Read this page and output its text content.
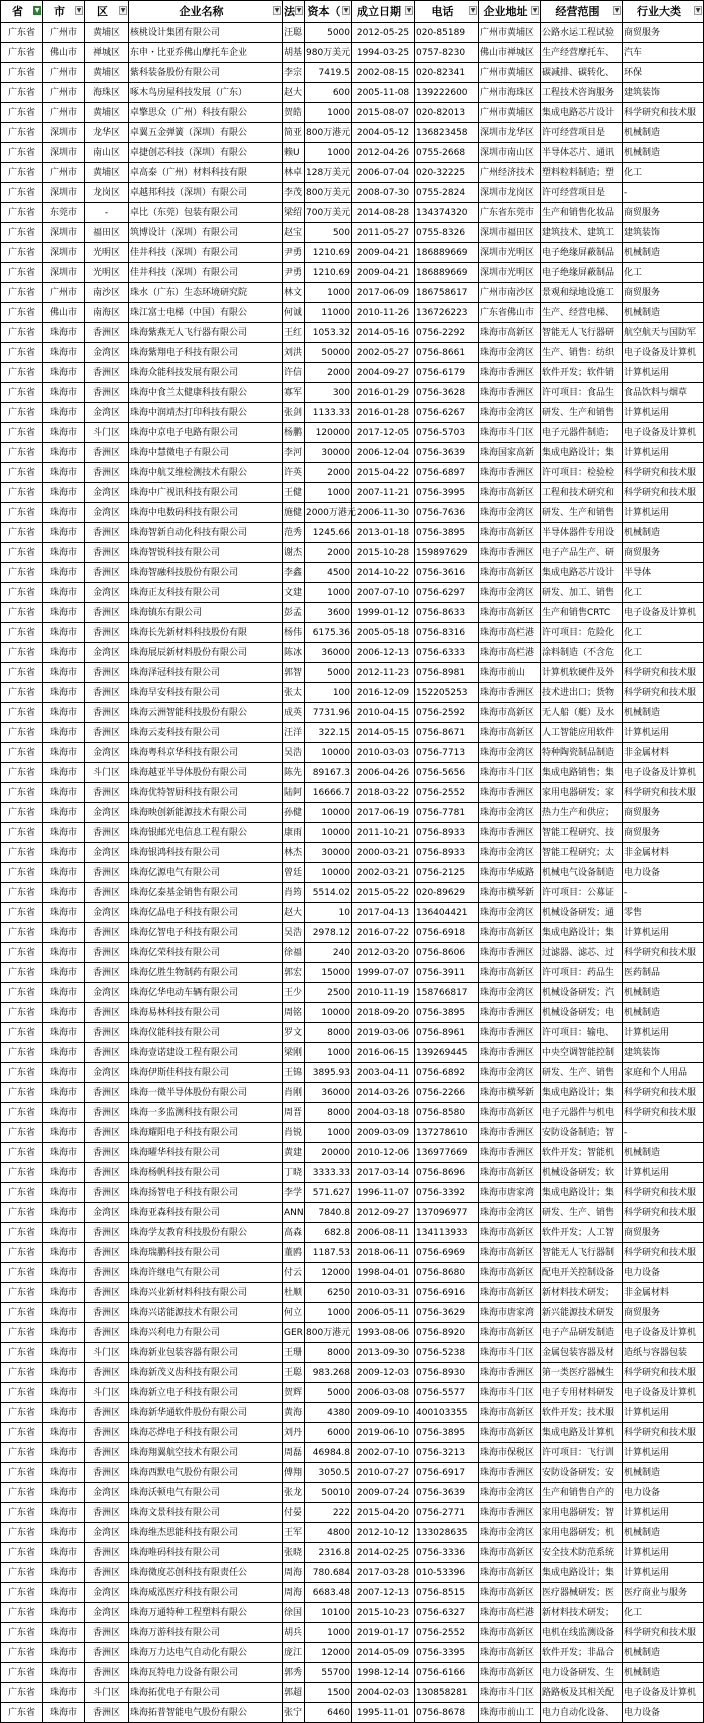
省 ▼	市 ▼	区 ▼	企业名称 ▼	法 ▼	资本（ ▼	成立日期 ▼	电话 ▼	企业地址 ▼	经营范围 ▼	行业大类 ▼

广东省	广州市	黄埔区	核桃设计集团有限公司	汪聪	5000	2012-05-25	020-85189	广州市黄埔区	公路水运工程试验	商贸服务
广东省	佛山市	禅城区	东申・比亚乔佛山摩托车企业	胡基	980万美元	1994-03-25	0757-8230	佛山市禅城区	生产经营摩托车、	汽车
广东省	广州市	黄埔区	紫科装备股份有限公司	李宗	7419.5	2002-08-15	020-82341	广州市黄埔区	碳减排、碳转化、	环保
广东省	广州市	海珠区	啄木鸟房屋科技发展（广东）	赵大	600	2005-11-08	139222600	广州市海珠区	工程技术咨询服务	建筑装饰
广东省	广州市	黄埔区	卓擎思众（广州）科技有限公	贺皓	1000	2015-08-07	020-82013	广州市黄埔区	集成电路芯片设计	科学研究和技术服
广东省	深圳市	龙华区	卓翼五金弹簧（深圳）有限公	简亚	800万港元	2004-05-12	136823458	深圳市龙华区	许可经营项目是	机械制造
广东省	深圳市	南山区	卓捷创芯科技（深圳）有限公	赖U	1000	2012-04-26	0755-2668	深圳市南山区	半导体芯片、通讯	机械制造
广东省	广州市	黄埔区	卓高泰（广州）材料科技有限	林卓	128万美元	2006-07-04	020-32225	广州经济技术	塑料粒料制造；塑	化工
广东省	深圳市	龙岗区	卓越邦科技（深圳）有限公司	李茂	800万美元	2008-07-30	0755-2824	深圳市龙岗区	许可经营项目是	-
广东省	东莞市	-	卓比（东莞）包装有限公司	梁绍	700万美元	2014-08-28	134374320	广东省东莞市	生产和销售化妆品	商贸服务
广东省	深圳市	福田区	筑博设计（深圳）有限公司	赵宝	500	2011-05-27	0755-8326	深圳市福田区	建筑技术、建筑工	建筑装饰
广东省	深圳市	光明区	佳井科技（深圳）有限公司	尹勇	1210.69	2009-04-21	186889669	深圳市光明区	电子绝缘屏蔽制品	机械制造
广东省	深圳市	光明区	佳井科技（深圳）有限公司	尹勇	1210.69	2009-04-21	186889669	深圳市光明区	电子绝缘屏蔽制品	化工
广东省	广州市	南沙区	珠水（广东）生态环境研究院	林文	1000	2017-06-09	186758617	广州市南沙区	景观和绿地设施工	商贸服务
广东省	佛山市	南海区	珠江富士电梯（中国）有限公	何诚	11000	2010-11-26	136726223	广东省佛山市	生产、经营电梯、	机械制造
广东省	珠海市	香洲区	珠海紫燕无人飞行器有限公司	王红	1053.32	2014-05-16	0756-2292	珠海市高新区	智能无人飞行器研	航空航天与国防军
广东省	珠海市	金湾区	珠海紫翔电子科技有限公司	刘洪	50000	2002-05-27	0756-8661	珠海市金湾区	生产、销售：纺织	电子设备及计算机
广东省	珠海市	香洲区	珠海众能科技发展有限公司	许信	2000	2004-09-27	0756-6179	珠海市香洲区	软件开发；软件销	计算机运用
广东省	珠海市	香洲区	珠海中食兰太健康科技有限公	寡军	300	2016-01-29	0756-3628	珠海市香洲区	许可项目：食品生	食品饮料与烟草
广东省	珠海市	金湾区	珠海中润靖杰打印科技有限公	张剑	1133.33	2016-01-28	0756-6267	珠海市金湾区	研发、生产和销售	计算机运用
广东省	珠海市	斗门区	珠海中京电子电路有限公司	杨鹏	120000	2017-12-05	0756-5703	珠海市斗门区	电子元器件制造；	电子设备及计算机
广东省	珠海市	香洲区	珠海中慧微电子有限公司	李河	30000	2006-12-04	0756-3639	珠海国家高新	集成电路设计；集	计算机运用
广东省	珠海市	香洲区	珠海中航艾维检测技术有限公	许英	2000	2015-04-22	0756-6897	珠海市香洲区	许可项目：检验检	科学研究和技术服
广东省	珠海市	金湾区	珠海中广视讯科技有限公司	王健	1000	2007-11-21	0756-3995	珠海市高新区	工程和技术研究和	科学研究和技术服
广东省	珠海市	金湾区	珠海中电数码科技有限公司	施健	2000万港元	2006-11-30	0756-7636	珠海市金湾区	研发、生产和销售	计算机运用
广东省	珠海市	香洲区	珠海智新自动化科技有限公司	范秀	1245.66	2013-01-18	0756-3895	珠海市高新区	半导体器件专用设	机械制造
广东省	珠海市	香洲区	珠海智锐科技有限公司	谢杰	2000	2015-10-28	159897629	珠海市香洲区	电子产品生产、研	商贸服务
广东省	珠海市	香洲区	珠海智融科技股份有限公司	李鑫	4500	2014-10-22	0756-3616	珠海市高新区	集成电路芯片设计	半导体
广东省	珠海市	金湾区	珠海正友科技有限公司	文建	1000	2007-07-10	0756-6297	珠海市金湾区	研发、加工、销售	化工
广东省	珠海市	香洲区	珠海镇东有限公司	彭孟	3600	1999-01-12	0756-8633	珠海市高新区	生产和销售CRTC	电子设备及计算机
广东省	珠海市	香洲区	珠海长先新材料科技股份有限	杨伟	6175.36	2005-05-18	0756-8316	珠海市高栏港	许可项目：危险化	化工
广东省	珠海市	金湾区	珠海展辰新材料股份有限公司	陈冰	36000	2006-12-13	0756-6333	珠海市高栏港	涂料制造（不含危	化工
广东省	珠海市	香洲区	珠海泽冠科技有限公司	郭智	5000	2012-11-23	0756-8981	珠海市前山	计算机软硬件及外	科学研究和技术服
广东省	珠海市	香洲区	珠海早安科技有限公司	张太	100	2016-12-09	152205253	珠海市香洲区	技术进出口；货物	科学研究和技术服
广东省	珠海市	香洲区	珠海云洲智能科技股份有限公	成英	7731.96	2010-04-15	0756-2592	珠海市高新区	无人船（艇）及水	机械制造
广东省	珠海市	香洲区	珠海云麦科技有限公司	汪洋	322.15	2014-05-15	0756-8671	珠海市高新区	人工智能应用软件	计算机运用
广东省	珠海市	金湾区	珠海粤科京华科技有限公司	吴浩	10000	2010-03-03	0756-7713	珠海市金湾区	特种陶瓷制品制造	非金属材料
广东省	珠海市	斗门区	珠海越亚半导体股份有限公司	陈先	89167.3	2006-04-26	0756-5656	珠海市斗门区	集成电路销售；集	电子设备及计算机
广东省	珠海市	香洲区	珠海优特智厨科技有限公司	陆阿	16666.7	2018-03-22	0756-2552	珠海市香洲区	家用电器研发；家	科学研究和技术服
广东省	珠海市	金湾区	珠海映创新能源技术有限公司	孙健	10000	2017-06-19	0756-7781	珠海市金湾区	热力生产和供应；	商贸服务
广东省	珠海市	香洲区	珠海银邮光电信息工程有限公	康雨	10000	2011-10-21	0756-8933	珠海市香洲区	智能工程研究、技	商贸服务
广东省	珠海市	金湾区	珠海银鸿科技有限公司	林杰	30000	2000-03-21	0756-8933	珠海市金湾区	智能工程研究；太	非金属材料
广东省	珠海市	香洲区	珠海亿源电气有限公司	曾廷	10000	2002-03-21	0756-2125	珠海市华威路	机械电气设备制造	电力设备
广东省	珠海市	香洲区	珠海亿泰基金销售有限公司	肖筠	5514.02	2015-05-22	020-89629	珠海市横琴新	许可项目：公募证	-
广东省	珠海市	金湾区	珠海亿晶电子科技有限公司	赵大	10	2017-04-13	136404421	珠海市金湾区	机械设备研发；通	零售
广东省	珠海市	香洲区	珠海亿智电子科技有限公司	吴浩	2978.12	2016-07-22	0756-6918	珠海市高新区	集成电路设计；集	计算机运用
广东省	珠海市	香洲区	珠海亿荣科技有限公司	徐福	240	2012-03-20	0756-8606	珠海市香洲区	过滤器、滤芯、过	科学研究和技术服
广东省	珠海市	香洲区	珠海亿胜生物制药有限公司	郭宏	15000	1999-07-07	0756-3911	珠海市高新区	许可项目：药品生	医药制品
广东省	珠海市	金湾区	珠海亿华电动车辆有限公司	王少	2500	2010-11-19	158766817	珠海市金湾区	机械设备研发；汽	机械制造
广东省	珠海市	香洲区	珠海易林科技有限公司	周铭	10000	2018-09-20	0756-3895	珠海市香洲区	机械设备研发；电	机械制造
广东省	珠海市	香洲区	珠海仪能科技有限公司	罗文	8000	2019-03-06	0756-8961	珠海市香洲区	许可项目：输电、	计算机运用
广东省	珠海市	香洲区	珠海壹诺建设工程有限公司	梁刚	1000	2016-06-15	139269445	珠海市香洲区	中央空调智能控制	建筑装饰
广东省	珠海市	金湾区	珠海伊斯佳科技有限公司	王锦	3895.93	2003-04-11	0756-6892	珠海市金湾区	研发、生产、销售	家庭和个人用品
广东省	珠海市	香洲区	珠海一微半导体股份有限公司	肖刚	36000	2014-03-26	0756-2266	珠海市横琴新	集成电路设计；集	科学研究和技术服
广东省	珠海市	香洲区	珠海一多监测科技有限公司	周晋	8000	2004-03-18	0756-8580	珠海市高新区	电子元器件与机电	科学研究和技术服
广东省	珠海市	香洲区	珠海耀阳电子科技有限公司	肖锐	1000	2009-03-09	137278610	珠海市香洲区	安防设备制造；智	-
广东省	珠海市	香洲区	珠海曜华科技有限公司	黄建	20000	2010-12-06	136977669	珠海市香洲区	软件开发；智能机	机械制造
广东省	珠海市	香洲区	珠海杨帆科技有限公司	丁晓	3333.33	2017-03-14	0756-8696	珠海市高新区	机械设备研发；软	计算机运用
广东省	珠海市	香洲区	珠海扬智电子科技有限公司	李学	571.627	1996-11-07	0756-3392	珠海市唐家湾	集成电路设计；集	科学研究和技术服
广东省	珠海市	金湾区	珠海亚森科技有限公司	ANN	7840.8	2012-09-27	137096977	珠海市金湾区	研发、生产、销售	科学研究和技术服
广东省	珠海市	香洲区	珠海学友教育科技股份有限公	高森	682.8	2006-08-11	134113933	珠海市高新区	软件开发；人工智	商贸服务
广东省	珠海市	香洲区	珠海瑞鹏科技有限公司	董鸥	1187.53	2018-06-11	0756-6969	珠海市高新区	智能无人飞行器制	科学研究和技术服
广东省	珠海市	香洲区	珠海许继电气有限公司	付云	12000	1998-04-01	0756-8680	珠海市高新区	配电开关控制设备	电力设备
广东省	珠海市	香洲区	珠海兴业新材料科技有限公司	杜顺	6250	2010-03-31	0756-6916	珠海市高新区	新材料技术研发；	非金属材料
广东省	珠海市	香洲区	珠海兴诺能源技术有限公司	何立	1000	2006-05-11	0756-3629	珠海市唐家湾	新兴能源技术研发	商贸服务
广东省	珠海市	香洲区	珠海兴利电力有限公司	GER	800万港元	1993-08-06	0756-8920	珠海市高新区	电子产品研发制造	电子设备及计算机
广东省	珠海市	斗门区	珠海新业包装容器有限公司	王珊	8000	2013-09-30	0756-5238	珠海市斗门区	金属包装容器及材	造纸与容器包装
广东省	珠海市	香洲区	珠海新茂义齿科技有限公司	王聪	983.268	2009-12-03	0756-8930	珠海市香洲区	第一类医疗器械生	科学研究和技术服
广东省	珠海市	斗门区	珠海新立电子科技有限公司	贺辉	5000	2006-03-08	0756-5577	珠海市斗门区	电子专用材料研发	电子设备及计算机
广东省	珠海市	香洲区	珠海新华通软件股份有限公司	黄海	4380	2009-09-10	400103355	珠海市高新区	软件开发；技术服	计算机运用
广东省	珠海市	香洲区	珠海芯烨电子科技有限公司	刘丹	6000	2019-06-10	0756-3895	珠海市高新区	集成电路及计算机	科学研究和技术服
广东省	珠海市	香洲区	珠海翔翼航空技术有限公司	周磊	46984.8	2002-07-10	0756-3213	珠海市保税区	许可项目：飞行训	计算机运用
广东省	珠海市	香洲区	珠海西默电气股份有限公司	傅翔	3050.5	2010-07-27	0756-6917	珠海市香洲区	安防设备研发；安	机械制造
广东省	珠海市	金湾区	珠海沃顿电气有限公司	张龙	50010	2009-07-24	0756-3639	珠海市金湾区	生产和销售自产的	电力设备
广东省	珠海市	香洲区	珠海文景科技有限公司	付晏	222	2015-04-20	0756-2771	珠海市香洲区	家用电器研发；智	计算机运用
广东省	珠海市	金湾区	珠海维杰思能科技有限公司	王军	4800	2012-10-12	133028635	珠海市金湾区	家用电器研发；机	机械制造
广东省	珠海市	香洲区	珠海唯码科技有限公司	张晓	2316.8	2014-02-25	0756-3336	珠海市高新区	安全技术防范系统	计算机运用
广东省	珠海市	香洲区	珠海微度芯创科技有限责任公	周海	780.684	2017-03-28	010-53396	珠海市高新区	集成电路设计；集	计算机运用
广东省	珠海市	金湾区	珠海威泓医疗科技有限公司	周海	6683.48	2007-12-13	0756-8515	珠海市高新区	医疗器械研发；医	医疗商业与服务
广东省	珠海市	金湾区	珠海万通特种工程塑料有限公	徐国	10100	2015-10-23	0756-6327	珠海市高栏港	新材料技术研发；	化工
广东省	珠海市	香洲区	珠海万游科技有限公司	胡兵	1000	2019-01-17	0756-2552	珠海市高新区	电机在线监测设备	科学研究和技术服
广东省	珠海市	香洲区	珠海万力达电气自动化有限公	庞江	12000	2014-05-09	0756-3395	珠海市高新区	软件开发；非晶合	机械制造
广东省	珠海市	香洲区	珠海瓦特电力设备有限公司	郭秀	55700	1998-12-14	0756-6166	珠海市高新区	电力设备研发、生	机械制造
广东省	珠海市	斗门区	珠海拓优电子有限公司	郭超	1500	2004-02-03	130858281	珠海市斗门区	路路板及其相关配	电子设备及计算机
广东省	珠海市	香洲区	珠海拓普智能电气股份有限公	张宁	6460	1995-11-01	0756-8678	珠海市前山工	电力自动化设备、	电力设备
